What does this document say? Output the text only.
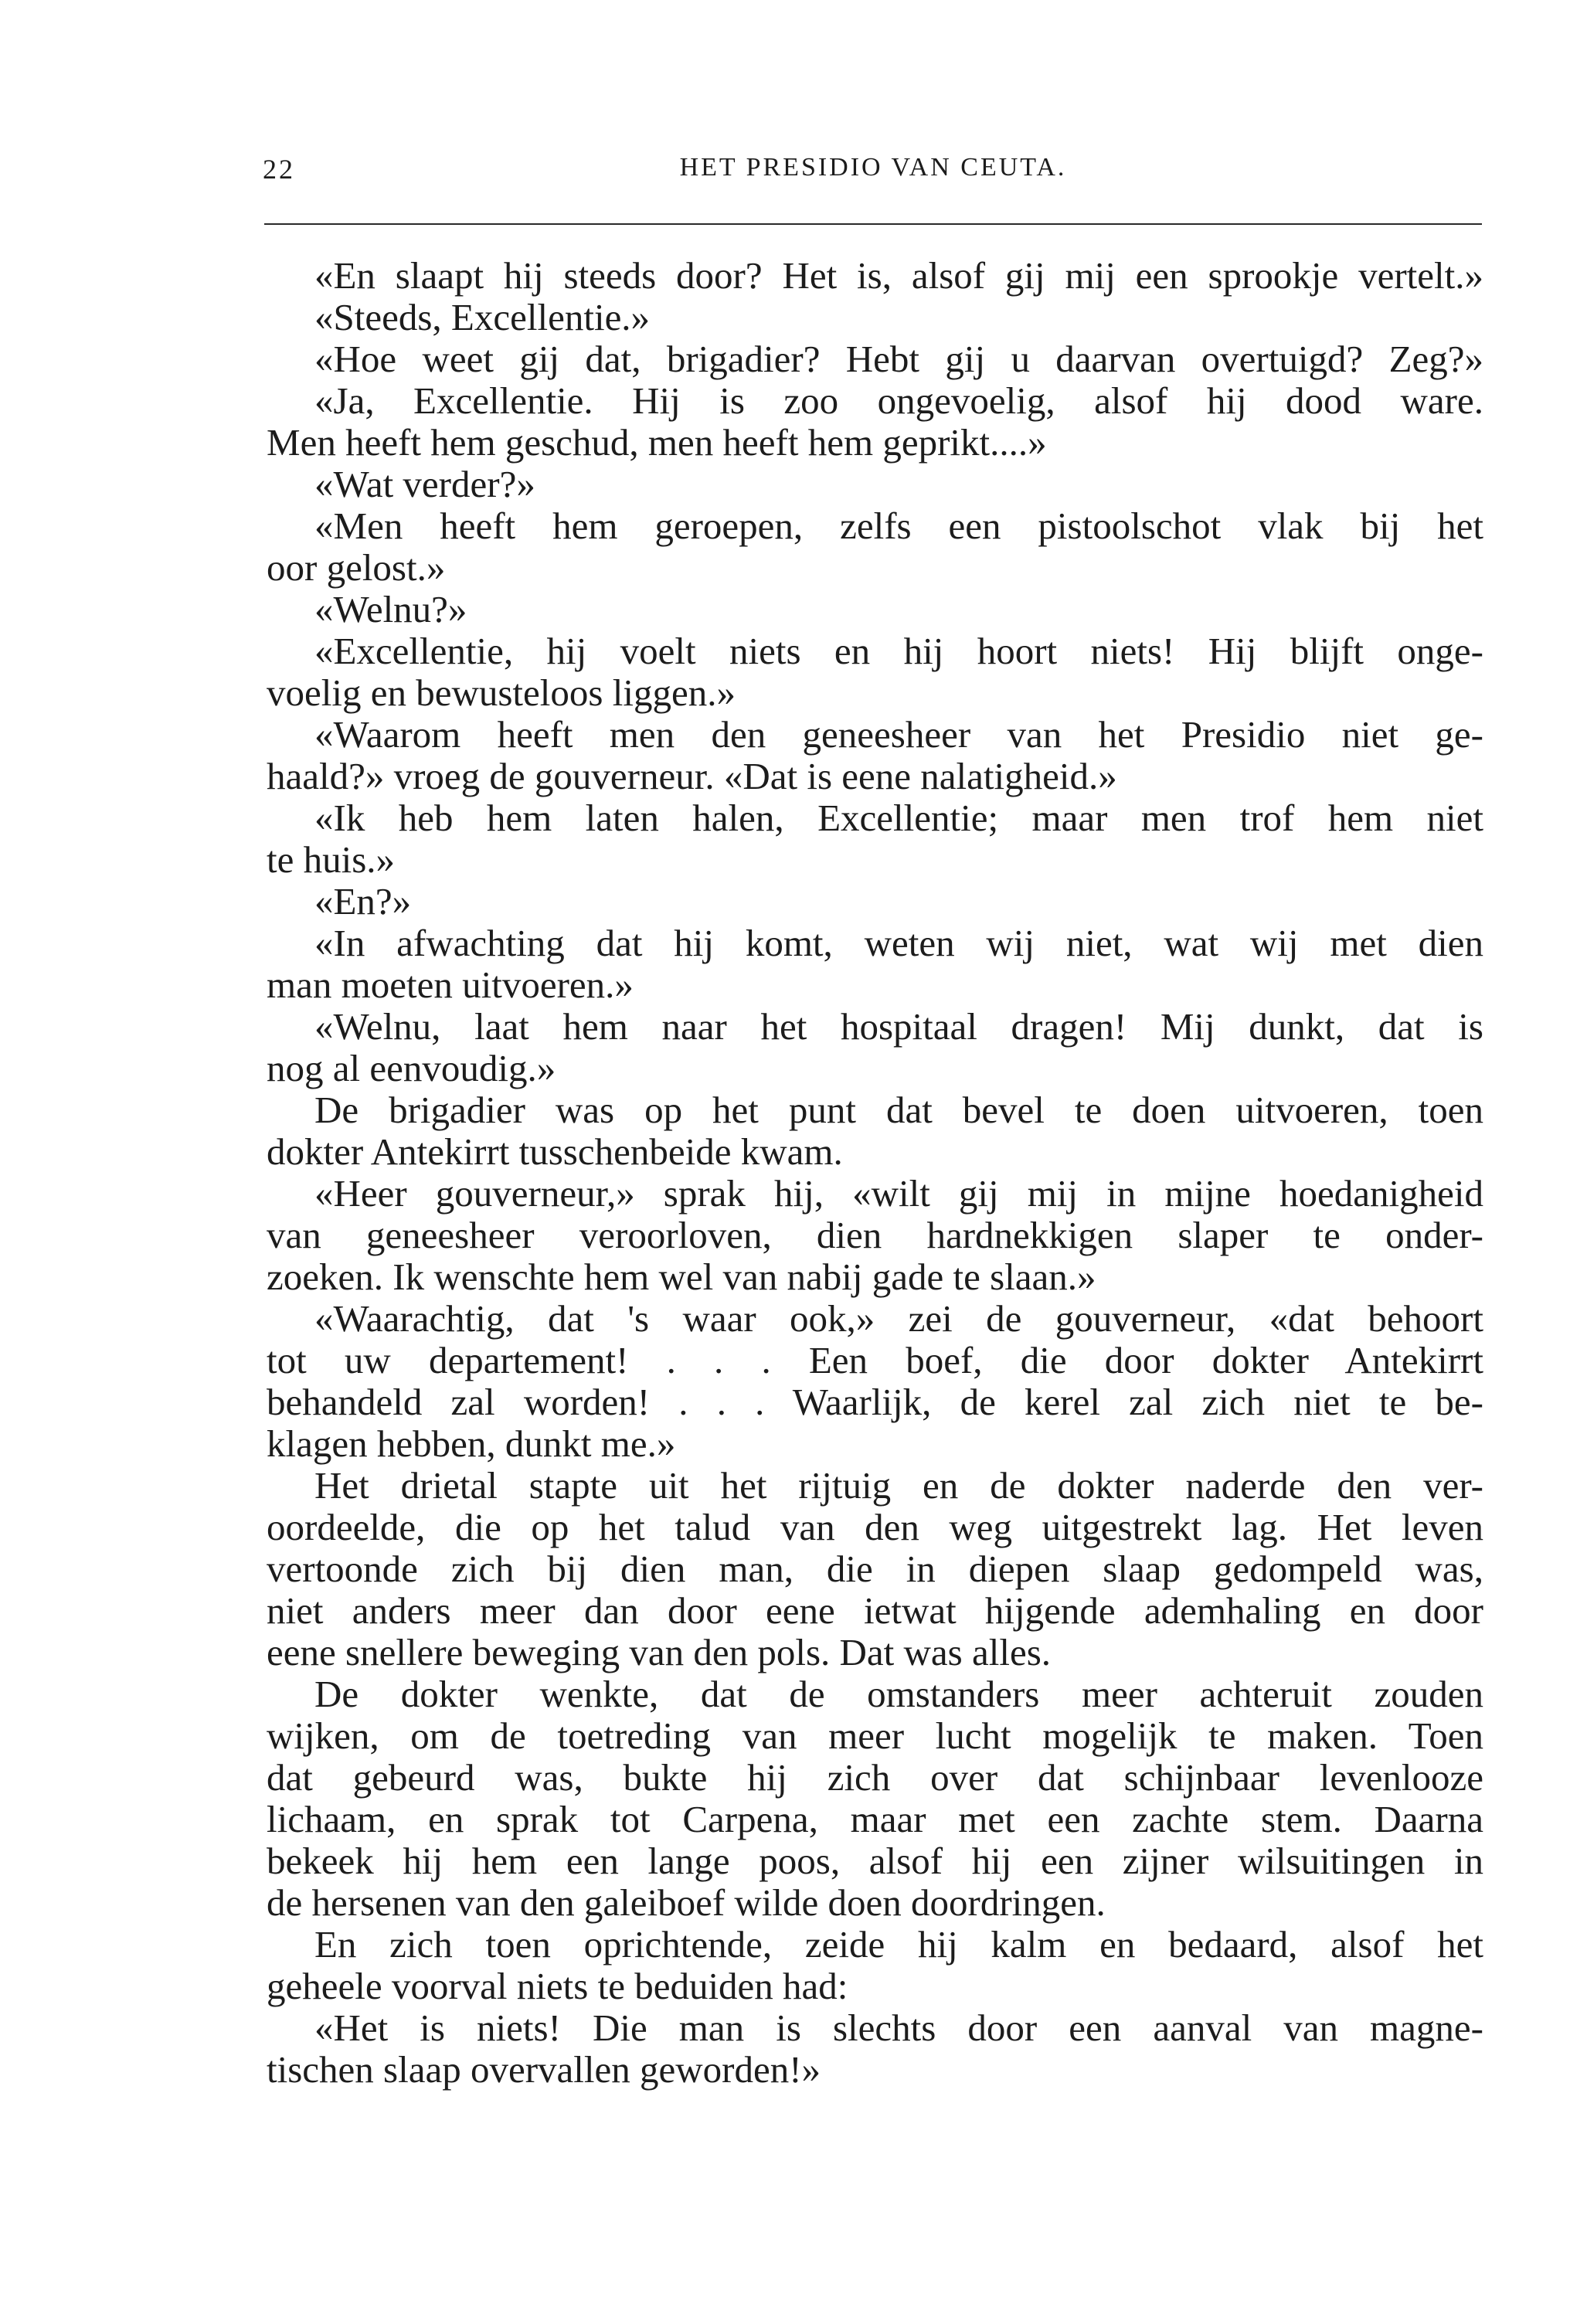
22	HET PRESIDIO VAN CEUTA.
«En slaapt hij steeds door? Het is, alsof gij mij een sprookje vertelt.»
«Steeds, Excellentie.»
«Hoe weet gij dat, brigadier? Hebt gij u daarvan overtuigd? Zeg?»
«Ja, Excellentie. Hij is zoo ongevoelig, alsof hij dood ware.
Men heeft hem geschud, men heeft hem geprikt....»
«Wat verder?»
«Men heeft hem geroepen, zelfs een pistoolschot vlak bij het
oor gelost.»
«Welnu?»
«Excellentie, hij voelt niets en hij hoort niets! Hij blijft onge-
voelig en bewusteloos liggen.»
«Waarom heeft men den geneesheer van het Presidio niet ge-
haald?» vroeg de gouverneur. «Dat is eene nalatigheid.»
«Ik heb hem laten halen, Excellentie; maar men trof hem niet
te huis.»
«En?»
«In afwachting dat hij komt, weten wij niet, wat wij met dien
man moeten uitvoeren.»
«Welnu, laat hem naar het hospitaal dragen! Mij dunkt, dat is
nog al eenvoudig.»
De brigadier was op het punt dat bevel te doen uitvoeren, toen
dokter Antekirrt tusschenbeide kwam.
«Heer gouverneur,» sprak hij, «wilt gij mij in mijne hoedanigheid
van geneesheer veroorloven, dien hardnekkigen slaper te onder-
zoeken. Ik wenschte hem wel van nabij gade te slaan.»
«Waarachtig, dat 's waar ook,» zei de gouverneur, «dat behoort
tot uw departement! . . . Een boef, die door dokter Antekirrt
behandeld zal worden! . . . Waarlijk, de kerel zal zich niet te be-
klagen hebben, dunkt me.»
Het drietal stapte uit het rijtuig en de dokter naderde den ver-
oordeelde, die op het talud van den weg uitgestrekt lag. Het leven
vertoonde zich bij dien man, die in diepen slaap gedompeld was,
niet anders meer dan door eene ietwat hijgende ademhaling en door
eene snellere beweging van den pols. Dat was alles.
De dokter wenkte, dat de omstanders meer achteruit zouden
wijken, om de toetreding van meer lucht mogelijk te maken. Toen
dat gebeurd was, bukte hij zich over dat schijnbaar levenlooze
lichaam, en sprak tot Carpena, maar met een zachte stem. Daarna
bekeek hij hem een lange poos, alsof hij een zijner wilsuitingen in
de hersenen van den galeiboef wilde doen doordringen.
En zich toen oprichtende, zeide hij kalm en bedaard, alsof het
geheele voorval niets te beduiden had:
«Het is niets! Die man is slechts door een aanval van magne-
tischen slaap overvallen geworden!»
